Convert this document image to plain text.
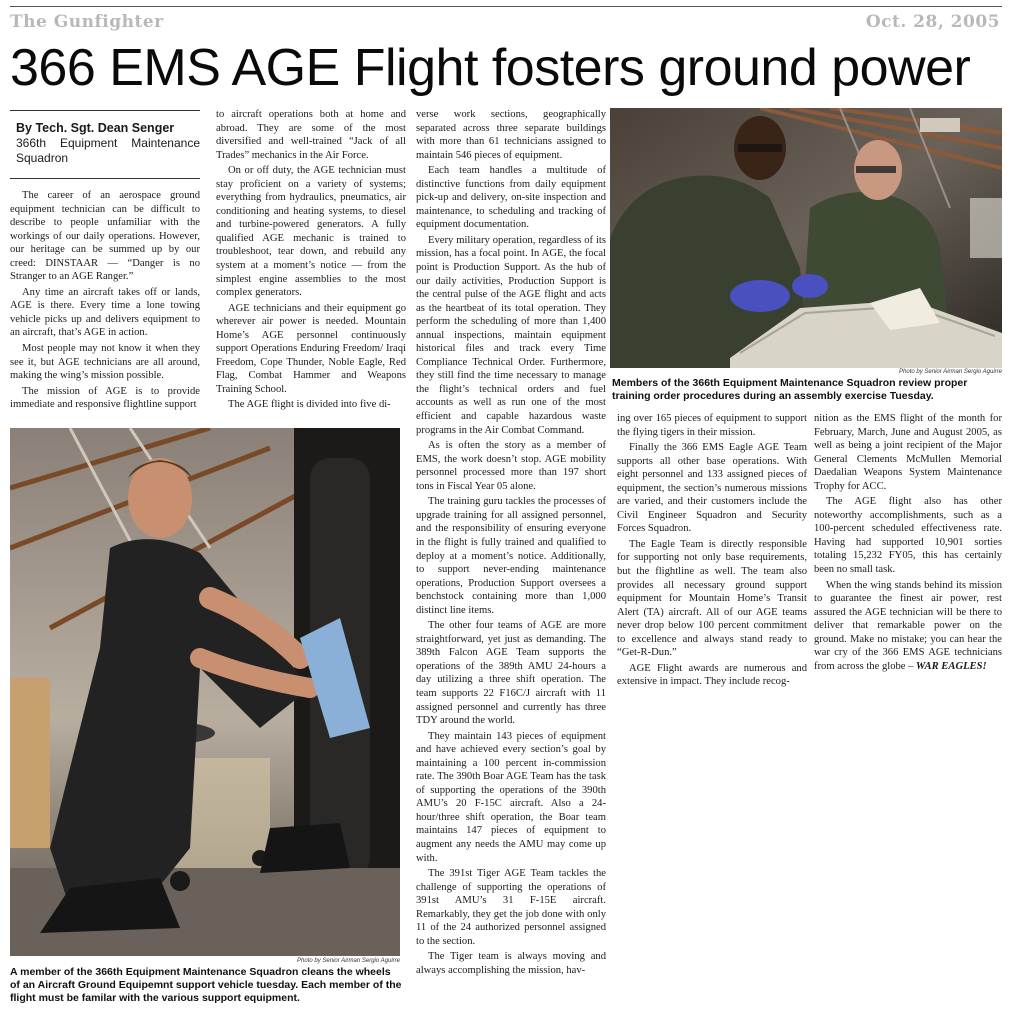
The Gunfighter	Oct. 28, 2005
366 EMS AGE Flight fosters ground power
By Tech. Sgt. Dean Senger
366th Equipment Maintenance Squadron

The career of an aerospace ground equipment technician can be difficult to describe to people unfamiliar with the workings of our daily operations. However, our heritage can be summed up by our creed: DINSTAAR — “Danger is no Stranger to an AGE Ranger.”

Any time an aircraft takes off or lands, AGE is there. Every time a lone towing vehicle picks up and delivers equipment to an aircraft, that’s AGE in action.

Most people may not know it when they see it, but AGE technicians are all around, making the wing’s mission possible.

The mission of AGE is to provide immediate and responsive flightline support

to aircraft operations both at home and abroad. They are some of the most diversified and well-trained “Jack of all Trades” mechanics in the Air Force.

On or off duty, the AGE technician must stay proficient on a variety of systems; everything from hydraulics, pneumatics, air conditioning and heating systems, to diesel and turbine-powered generators. A fully qualified AGE mechanic is trained to troubleshoot, tear down, and rebuild any system at a moment’s notice — from the simplest engine assemblies to the most complex generators.

AGE technicians and their equipment go wherever air power is needed. Mountain Home’s AGE personnel continuously support Operations Enduring Freedom/ Iraqi Freedom, Cope Thunder, Noble Eagle, Red Flag, Combat Hammer and Weapons Training School.

The AGE flight is divided into five di-

verse work sections, geographically separated across three separate buildings with more than 61 technicians assigned to maintain 546 pieces of equipment.

Each team handles a multitude of distinctive functions from daily equipment pick-up and delivery, on-site inspection and maintenance, to scheduling and tracking of equipment documentation.

Every military operation, regardless of its mission, has a focal point. In AGE, the focal point is Production Support. As the hub of our daily activities, Production Support is the central pulse of the AGE flight and acts as the heartbeat of its total operation. They perform the scheduling of more than 1,400 annual inspections, maintain equipment historical files and track every Time Compliance Technical Order. Furthermore, they still find the time necessary to manage the flight’s technical orders and fuel accounts as well as run one of the most efficient and capable hazardous waste programs in the Air Combat Command.

As is often the story as a member of EMS, the work doesn’t stop. AGE mobility personnel processed more than 197 short tons in Fiscal Year 05 alone.

The training guru tackles the processes of upgrade training for all assigned personnel, and the responsibility of ensuring everyone in the flight is fully trained and qualified to deploy at a moment’s notice. Additionally, to support never-ending maintenance operations, Production Support oversees a benchstock containing more than 1,000 distinct line items.

The other four teams of AGE are more straightforward, yet just as demanding. The 389th Falcon AGE Team supports the operations of the 389th AMU 24-hours a day utilizing a three shift operation. The team supports 22 F16C/J aircraft with 11 assigned personnel and currently has three TDY around the world.

They maintain 143 pieces of equipment and have achieved every section’s goal by maintaining a 100 percent in-commission rate. The 390th Boar AGE Team has the task of supporting the operations of the 390th AMU’s 20 F-15C aircraft. Also a 24-hour/three shift operation, the Boar team maintains 147 pieces of equipment to augment any needs the AMU may come up with.

The 391st Tiger AGE Team tackles the challenge of supporting the operations of 391st AMU’s 31 F-15E aircraft. Remarkably, they get the job done with only 11 of the 24 authorized personnel assigned to the section.

The Tiger team is always moving and always accomplishing the mission, hav-

ing over 165 pieces of equipment to support the flying tigers in their mission.

Finally the 366 EMS Eagle AGE Team supports all other base operations. With eight personnel and 133 assigned pieces of equipment, the section’s numerous missions are varied, and their customers include the Civil Engineer Squadron and Security Forces Squadron.

The Eagle Team is directly responsible for supporting not only base requirements, but the flightline as well. The team also provides all necessary ground support equipment for Mountain Home’s Transit Alert (TA) aircraft. All of our AGE teams never drop below 100 percent commitment to excellence and always stand ready to “Get-R-Dun.”

AGE Flight awards are numerous and extensive in impact. They include recog-

nition as the EMS flight of the month for February, March, June and August 2005, as well as being a joint recipient of the Major General Clements McMullen Memorial Daedalian Weapons System Maintenance Trophy for ACC.

The AGE flight also has other noteworthy accomplishments, such as a 100-percent scheduled effectiveness rate. Having had supported 10,901 sorties totaling 15,232 FY05, this has certainly been no small task.

When the wing stands behind its mission to guarantee the finest air power, rest assured the AGE technician will be there to deliver that remarkable power on the ground. Make no mistake; you can hear the war cry of the 366 EMS AGE technicians from across the globe – WAR EAGLES!

Photo by Senior Airman Sergio Aguirre
Members of the 366th Equipment Maintenance Squadron review proper training order procedures during an assembly exercise Tuesday.
Photo by Senior Airman Sergio Aguirre
A member of the 366th Equipment Maintenance Squadron cleans the wheels of an Aircraft Ground Equipemnt support vehicle tuesday. Each member of the flight must be familar with the various support equipment.
